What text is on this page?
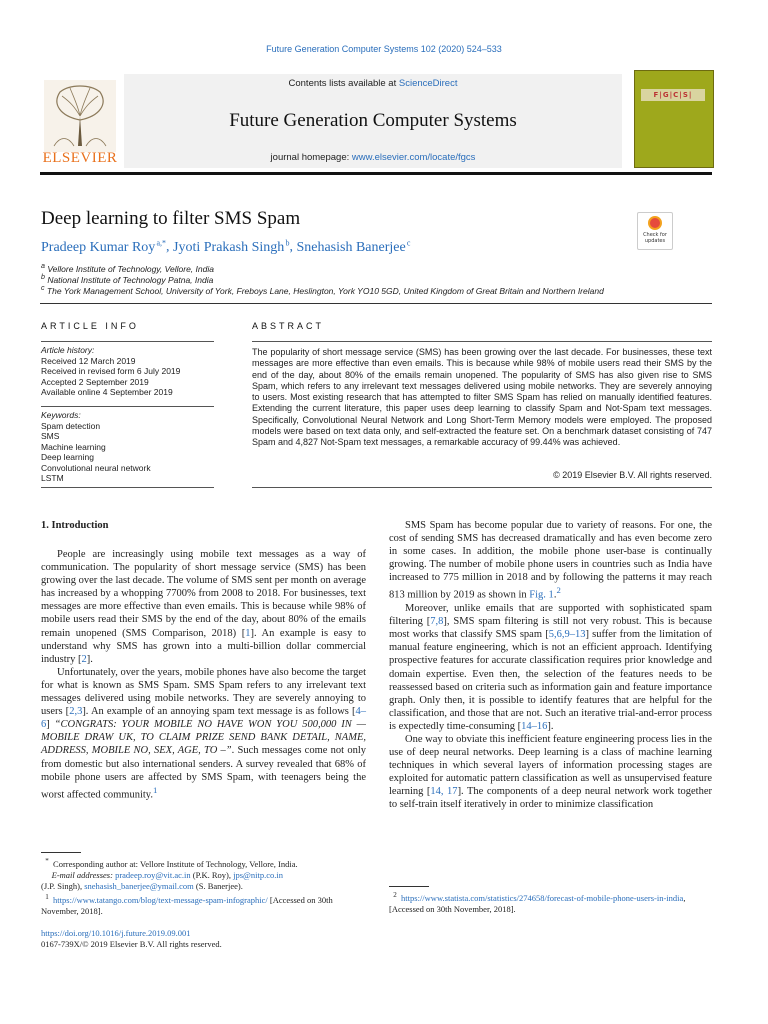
Future Generation Computer Systems 102 (2020) 524–533
ELSEVIER
Contents lists available at ScienceDirect
Future Generation Computer Systems
journal homepage: www.elsevier.com/locate/fgcs
F|G|C|S|
Deep learning to filter SMS Spam
Pradeep Kumar Roy $^{a,*}$, Jyoti Prakash Singh $^b$, Snehasish Banerjee $^c$
Check for updates
$^a$ Vellore Institute of Technology, Vellore, India
$^b$ National Institute of Technology Patna, India
$^c$ The York Management School, University of York, Freboys Lane, Heslington, York YO10 5GD, United Kingdom of Great Britain and Northern Ireland
ARTICLE INFO	ABSTRACT
Article history:
Received 12 March 2019
Received in revised form 6 July 2019
Accepted 2 September 2019
Available online 4 September 2019
Keywords:
Spam detection
SMS
Machine learning
Deep learning
Convolutional neural network
LSTM
The popularity of short message service (SMS) has been growing over the last decade. For businesses, these text messages are more effective than even emails. This is because while 98% of mobile users read their SMS by the end of the day, about 80% of the emails remain unopened. The popularity of SMS has also given rise to SMS Spam, which refers to any irrelevant text messages delivered using mobile networks. They are severely annoying to users. Most existing research that has attempted to filter SMS Spam has relied on manually identified features. Extending the current literature, this paper uses deep learning to classify Spam and Not-Spam text messages. Specifically, Convolutional Neural Network and Long Short-Term Memory models were employed. The proposed models were based on text data only, and self-extracted the feature set. On a benchmark dataset consisting of 747 Spam and 4,827 Not-Spam text messages, a remarkable accuracy of 99.44% was achieved.
© 2019 Elsevier B.V. All rights reserved.
1. Introduction

People are increasingly using mobile text messages as a way of communication. The popularity of short message service (SMS) has been growing over the last decade. The volume of SMS sent per month on average has increased by a whopping 7700% from 2008 to 2018. For businesses, text messages are more effective than even emails. This is because while 98% of mobile users read their SMS by the end of the day, about 80% of the emails remain unopened (SMS Comparison, 2018) [1]. An example is easy to understand why SMS has grown into a multi-billion dollar commercial industry [2].

Unfortunately, over the years, mobile phones have also become the target for what is known as SMS Spam. SMS Spam refers to any irrelevant text messages delivered using mobile networks. They are severely annoying to users [2,3]. An example of an annoying spam text message is as follows [4–6] “CONGRATS: YOUR MOBILE NO HAVE WON YOU 500,000 IN — MOBILE DRAW UK, TO CLAIM PRIZE SEND BANK DETAIL, NAME, ADDRESS, MOBILE NO, SEX, AGE, TO –”. Such messages come not only from domestic but also international senders. A survey revealed that 68% of mobile phone users are affected by SMS Spam, with teenagers being the worst affected community.$^1$

SMS Spam has become popular due to variety of reasons. For one, the cost of sending SMS has decreased dramatically and has even become zero in some cases. In addition, the mobile phone user-base is continually growing. The number of mobile phone users in countries such as India have increased to 775 million in 2018 and by following the patterns it may reach 813 million by 2019 as shown in Fig. 1.$^2$

Moreover, unlike emails that are supported with sophisticated spam filtering [7,8], SMS spam filtering is still not very robust. This is because most works that classify SMS spam [5,6,9–13] suffer from the limitation of manual feature engineering, which is not an efficient approach. Identifying prospective features for accurate classification requires prior knowledge and domain expertise. Even then, the selection of the features needs to be reassessed based on criteria such as information gain and feature importance graph. Only then, it is possible to identify features that are helpful for the classification, and those that are not. Such an iterative trial-and-error process is expectedly time-consuming [14–16].

One way to obviate this inefficient feature engineering process lies in the use of deep neural networks. Deep learning is a class of machine learning techniques in which several layers of information processing stages are exploited for automatic pattern classification as well as unsupervised feature learning [14, 17]. The components of a deep neural network work together to self-train itself iteratively in order to minimize classification

* Corresponding author at: Vellore Institute of Technology, Vellore, India.
E-mail addresses: pradeep.roy@vit.ac.in (P.K. Roy), jps@nitp.co.in
(J.P. Singh), snehasish_banerjee@ymail.com (S. Banerjee).
$^1$ https://www.tatango.com/blog/text-message-spam-infographic/ [Accessed on 30th November, 2018].
$^2$ https://www.statista.com/statistics/274658/forecast-of-mobile-phone-users-in-india, [Accessed on 30th November, 2018].
https://doi.org/10.1016/j.future.2019.09.001
0167-739X/© 2019 Elsevier B.V. All rights reserved.
